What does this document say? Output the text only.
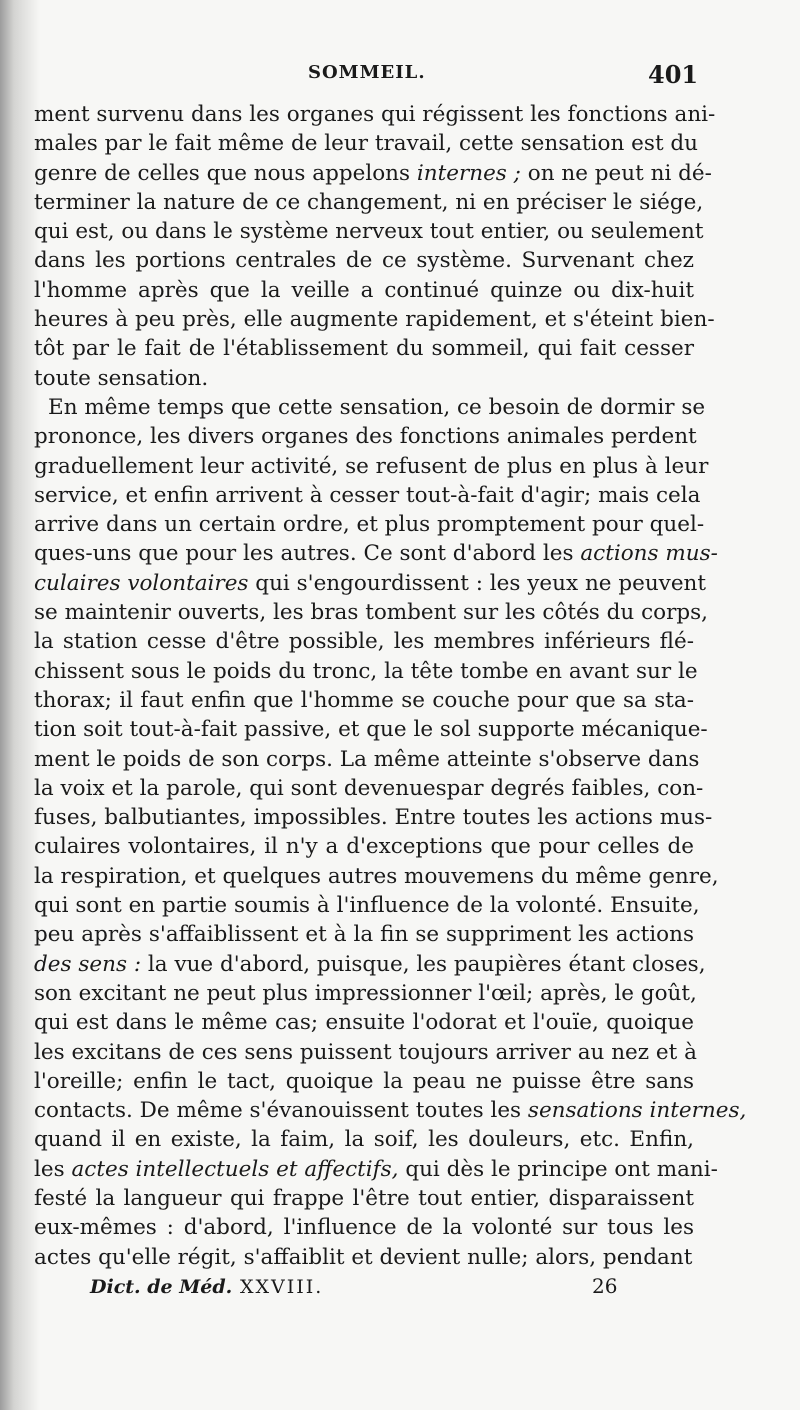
SOMMEIL.	401
ment survenu dans les organes qui régissent les fonctions ani-
males par le fait même de leur travail, cette sensation est du
genre de celles que nous appelons internes ; on ne peut ni dé-
terminer la nature de ce changement, ni en préciser le siége,
qui est, ou dans le système nerveux tout entier, ou seulement
dans les portions centrales de ce système. Survenant chez
l'homme après que la veille a continué quinze ou dix-huit
heures à peu près, elle augmente rapidement, et s'éteint bien-
tôt par le fait de l'établissement du sommeil, qui fait cesser
toute sensation.
En même temps que cette sensation, ce besoin de dormir se
prononce, les divers organes des fonctions animales perdent
graduellement leur activité, se refusent de plus en plus à leur
service, et enfin arrivent à cesser tout-à-fait d'agir; mais cela
arrive dans un certain ordre, et plus promptement pour quel-
ques-uns que pour les autres. Ce sont d'abord les actions mus-
culaires volontaires qui s'engourdissent : les yeux ne peuvent
se maintenir ouverts, les bras tombent sur les côtés du corps,
la station cesse d'être possible, les membres inférieurs flé-
chissent sous le poids du tronc, la tête tombe en avant sur le
thorax; il faut enfin que l'homme se couche pour que sa sta-
tion soit tout-à-fait passive, et que le sol supporte mécanique-
ment le poids de son corps. La même atteinte s'observe dans
la voix et la parole, qui sont devenuespar degrés faibles, con-
fuses, balbutiantes, impossibles. Entre toutes les actions mus-
culaires volontaires, il n'y a d'exceptions que pour celles de
la respiration, et quelques autres mouvemens du même genre,
qui sont en partie soumis à l'influence de la volonté. Ensuite,
peu après s'affaiblissent et à la fin se suppriment les actions
des sens : la vue d'abord, puisque, les paupières étant closes,
son excitant ne peut plus impressionner l'œil; après, le goût,
qui est dans le même cas; ensuite l'odorat et l'ouïe, quoique
les excitans de ces sens puissent toujours arriver au nez et à
l'oreille; enfin le tact, quoique la peau ne puisse être sans
contacts. De même s'évanouissent toutes les sensations internes,
quand il en existe, la faim, la soif, les douleurs, etc. Enfin,
les actes intellectuels et affectifs, qui dès le principe ont mani-
festé la langueur qui frappe l'être tout entier, disparaissent
eux-mêmes : d'abord, l'influence de la volonté sur tous les
actes qu'elle régit, s'affaiblit et devient nulle; alors, pendant
Dict. de Méd. XXVIII.	26
